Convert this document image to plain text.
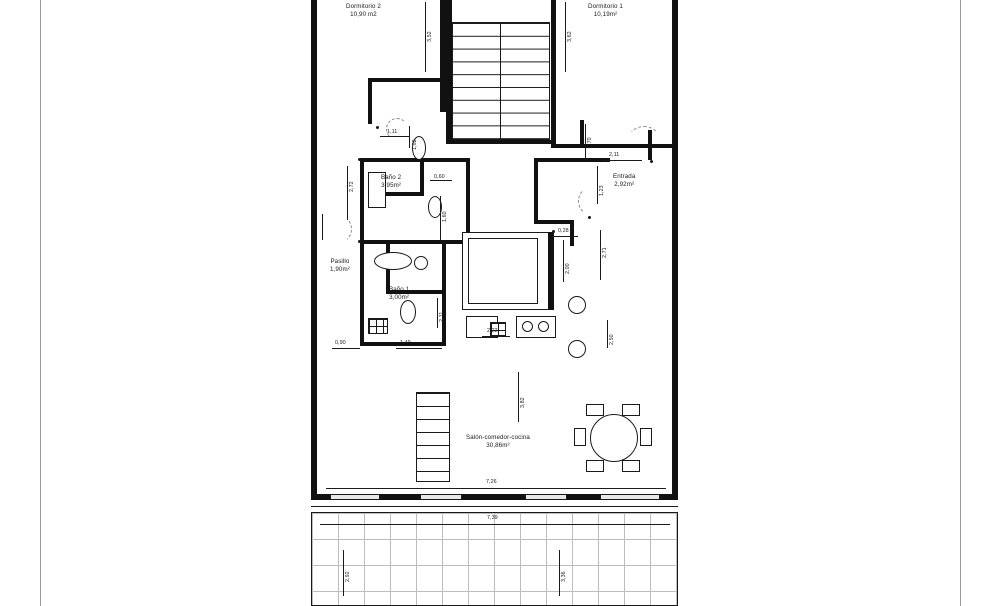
Dormitorio 2
10,90 m2
Dormitorio 1
10,19m²
Baño 2
3,95m²
Baño 1
3,00m²
Pasillo
1,90m²
Entrada
2,92m²
Salón-comedor-cocina
30,86m²
0,60
0,28
2,11
0,90	1,49
2,22
7,26
7,39
1,11
3,52	3,62
1,02
2,72
1,60
0,70
1,23
2,71
2,00
2,50
2,11
3,82
2,92	3,36
